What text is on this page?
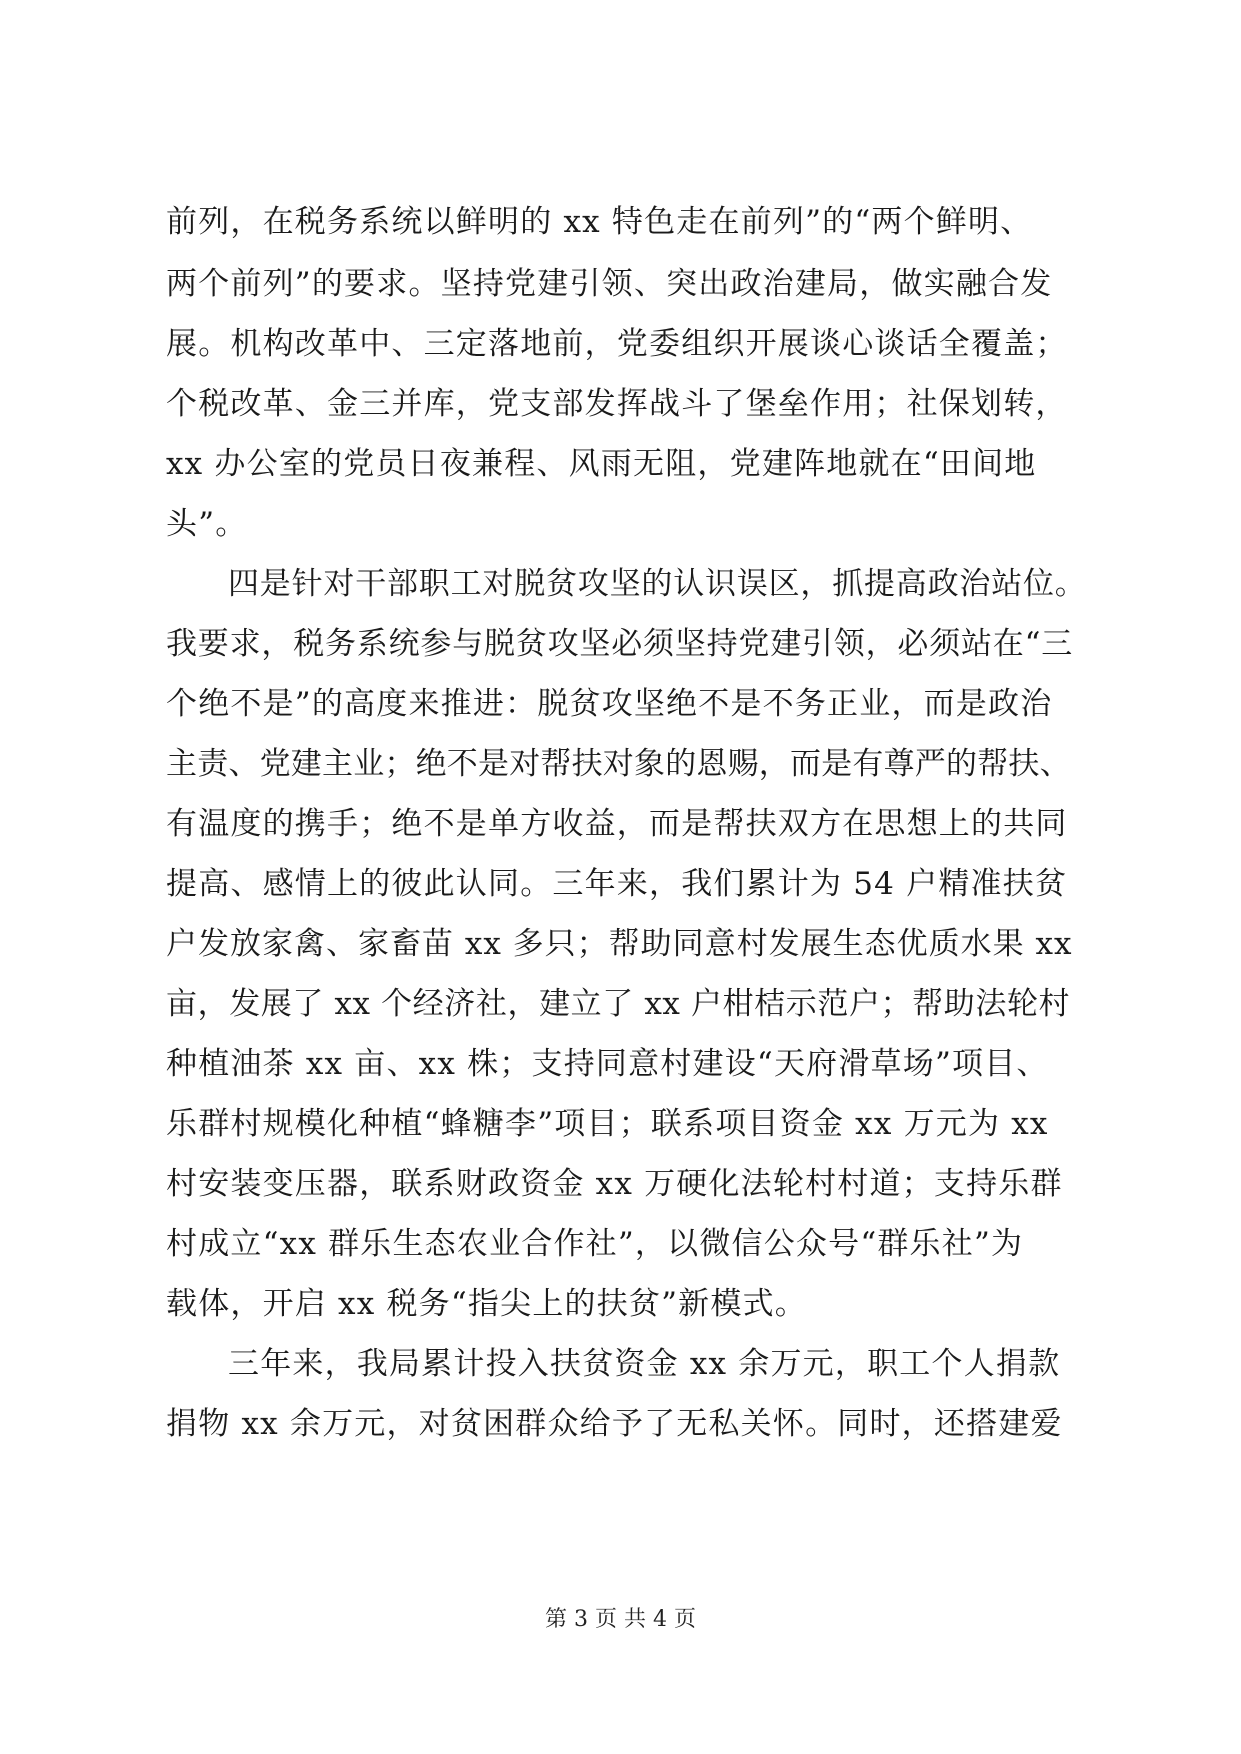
前列，在税务系统以鲜明的 xx 特色走在前列”的“两个鲜明、
两个前列”的要求。坚持党建引领、突出政治建局，做实融合发
展。机构改革中、三定落地前，党委组织开展谈心谈话全覆盖；
个税改革、金三并库，党支部发挥战斗了堡垒作用；社保划转，
xx 办公室的党员日夜兼程、风雨无阻，党建阵地就在“田间地
头”。
四是针对干部职工对脱贫攻坚的认识误区，抓提高政治站位。
我要求，税务系统参与脱贫攻坚必须坚持党建引领，必须站在“三
个绝不是”的高度来推进：脱贫攻坚绝不是不务正业，而是政治
主责、党建主业；绝不是对帮扶对象的恩赐，而是有尊严的帮扶、
有温度的携手；绝不是单方收益，而是帮扶双方在思想上的共同
提高、感情上的彼此认同。三年来，我们累计为 54 户精准扶贫
户发放家禽、家畜苗 xx 多只；帮助同意村发展生态优质水果 xx
亩，发展了 xx 个经济社，建立了 xx 户柑桔示范户；帮助法轮村
种植油茶 xx 亩、xx 株；支持同意村建设“天府滑草场”项目、
乐群村规模化种植“蜂糖李”项目；联系项目资金 xx 万元为 xx
村安装变压器，联系财政资金 xx 万硬化法轮村村道；支持乐群
村成立“xx 群乐生态农业合作社”，以微信公众号“群乐社”为
载体，开启 xx 税务“指尖上的扶贫”新模式。
三年来，我局累计投入扶贫资金 xx 余万元，职工个人捐款
捐物 xx 余万元，对贫困群众给予了无私关怀。同时，还搭建爱
第 3 页 共 4 页
